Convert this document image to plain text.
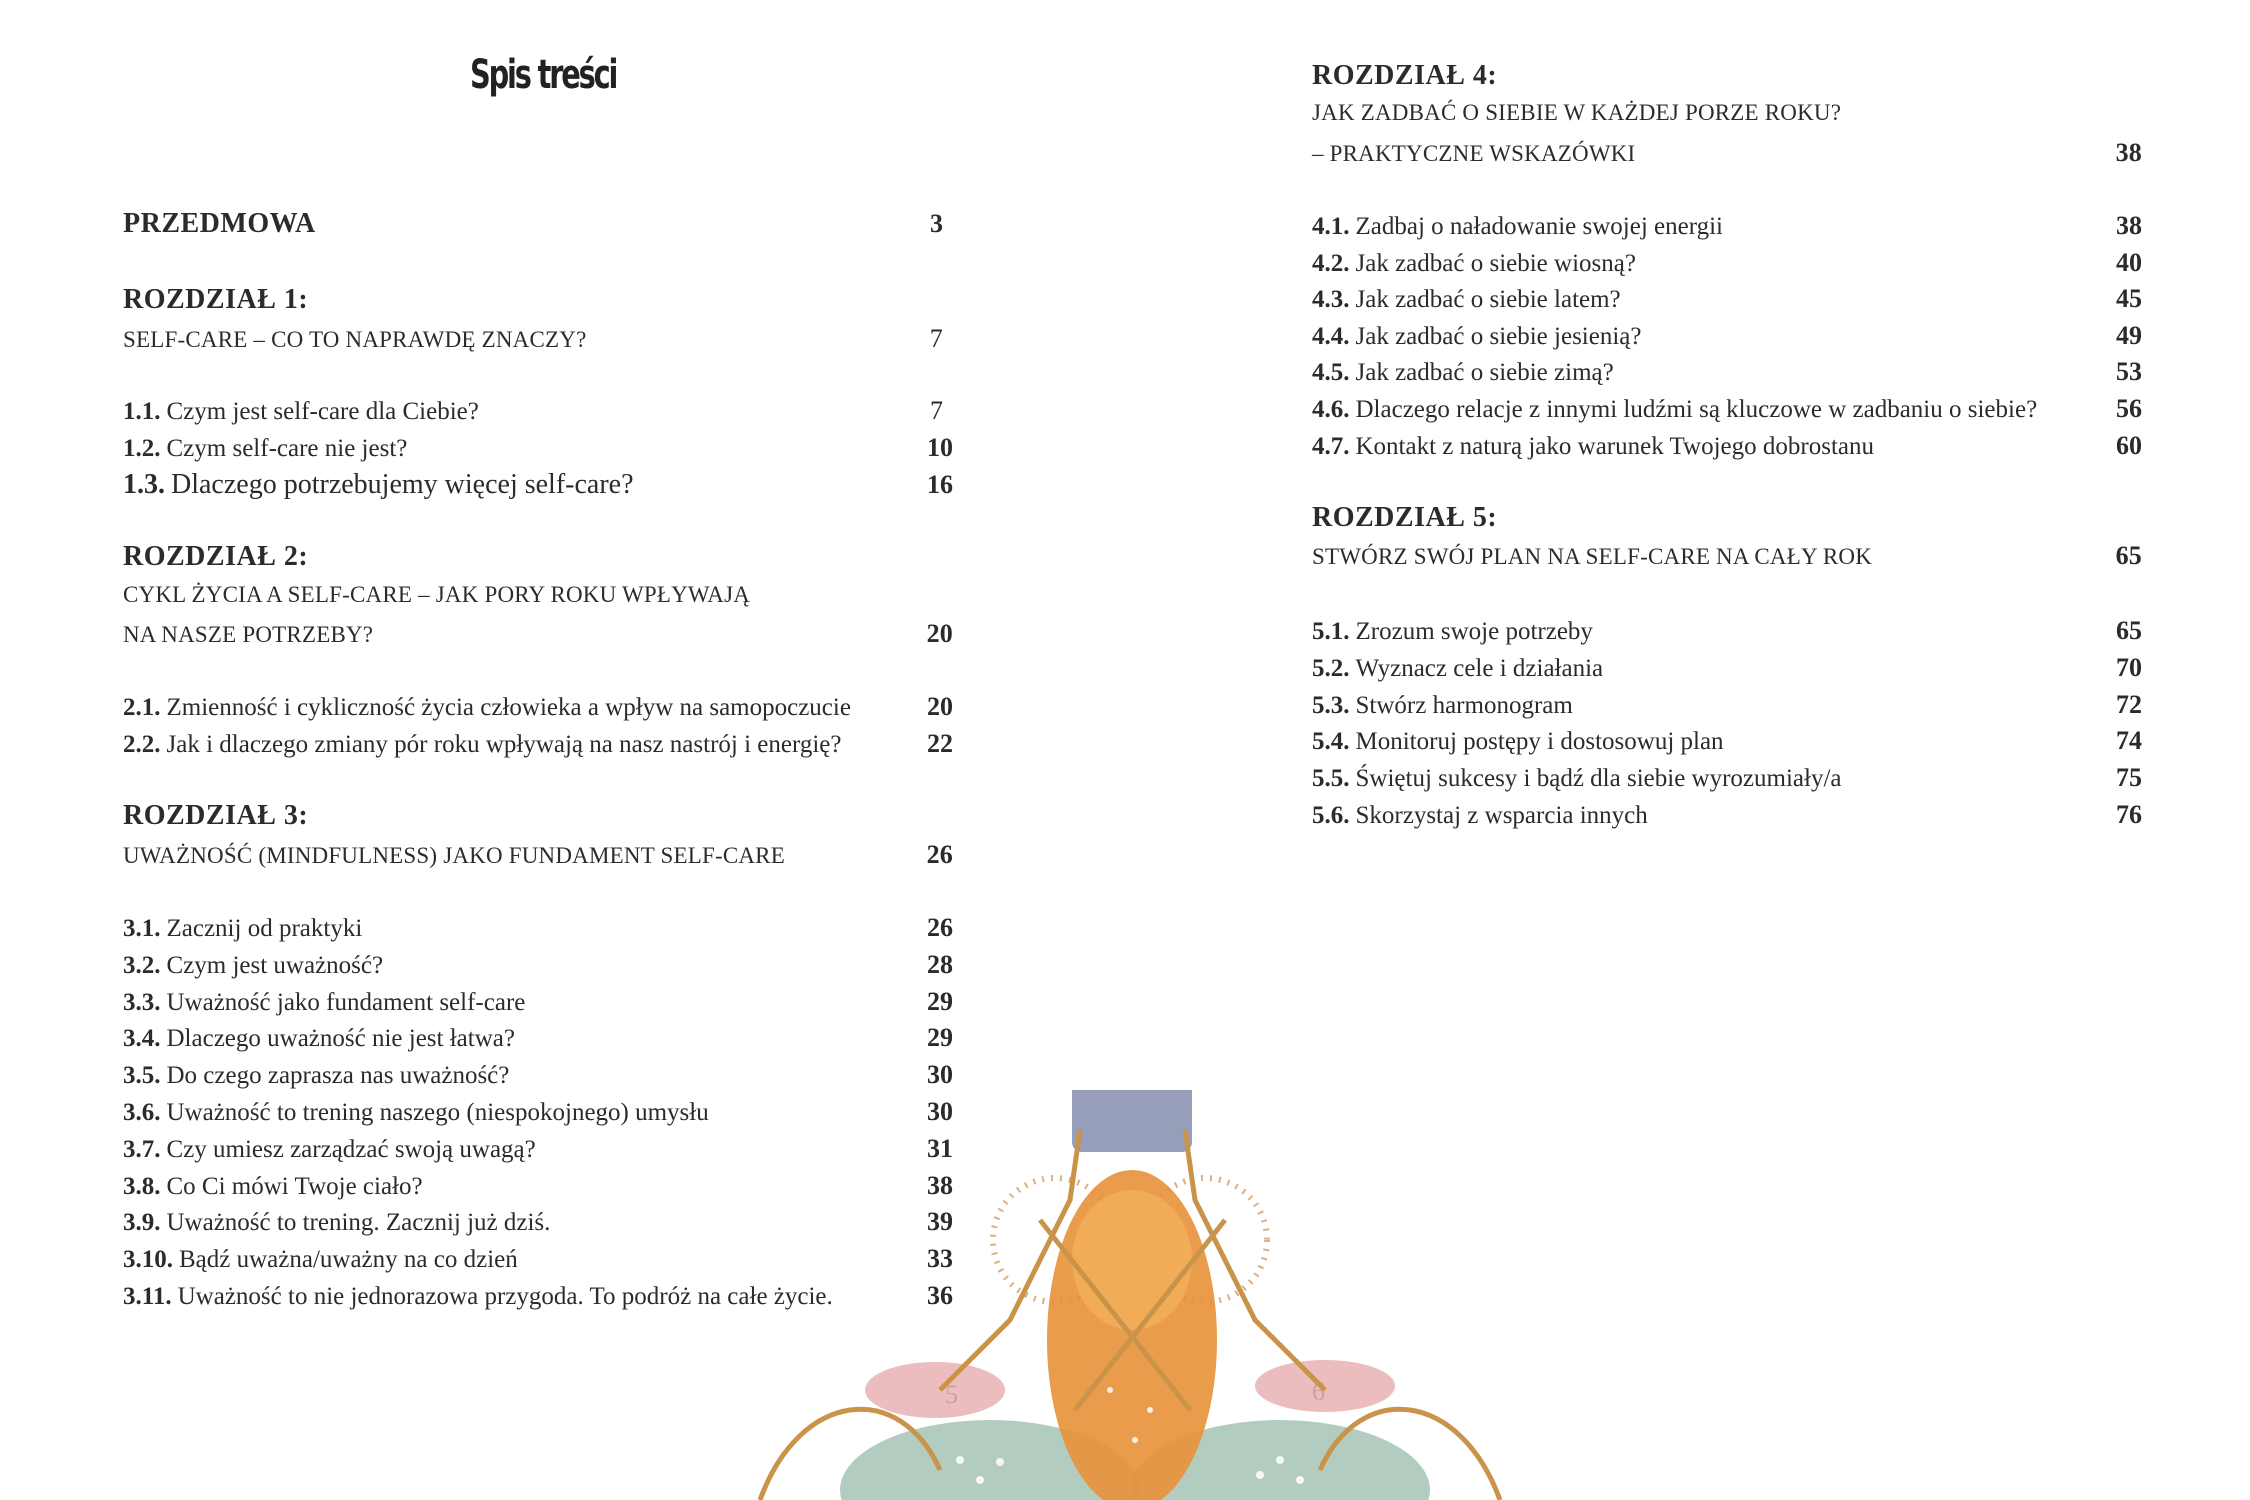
Spis treści
PRZEDMOWA	3
ROZDZIAŁ 1:
SELF-CARE – CO TO NAPRAWDĘ ZNACZY?	7
1.1. Czym jest self-care dla Ciebie?	7
1.2. Czym self-care nie jest?	10
1.3. Dlaczego potrzebujemy więcej self-care?	16
ROZDZIAŁ 2:
CYKL ŻYCIA A SELF-CARE – JAK PORY ROKU WPŁYWAJĄ
NA NASZE POTRZEBY?	20
2.1. Zmienność i cykliczność życia człowieka a wpływ na samopoczucie	20
2.2. Jak i dlaczego zmiany pór roku wpływają na nasz nastrój i energię?	22
ROZDZIAŁ 3:
UWAŻNOŚĆ (MINDFULNESS) JAKO FUNDAMENT SELF-CARE	26
3.1. Zacznij od praktyki	26
3.2. Czym jest uważność?	28
3.3. Uważność jako fundament self-care	29
3.4. Dlaczego uważność nie jest łatwa?	29
3.5. Do czego zaprasza nas uważność?	30
3.6. Uważność to trening naszego (niespokojnego) umysłu	30
3.7. Czy umiesz zarządzać swoją uwagą?	31
3.8. Co Ci mówi Twoje ciało?	38
3.9. Uważność to trening. Zacznij już dziś.	39
3.10. Bądź uważna/uważny na co dzień	33
3.11. Uważność to nie jednorazowa przygoda. To podróż na całe życie.	36
ROZDZIAŁ 4:
JAK ZADBAĆ O SIEBIE W KAŻDEJ PORZE ROKU?
– PRAKTYCZNE WSKAZÓWKI	38
4.1. Zadbaj o naładowanie swojej energii	38
4.2. Jak zadbać o siebie wiosną?	40
4.3. Jak zadbać o siebie latem?	45
4.4. Jak zadbać o siebie jesienią?	49
4.5. Jak zadbać o siebie zimą?	53
4.6. Dlaczego relacje z innymi ludźmi są kluczowe w zadbaniu o siebie?	56
4.7. Kontakt z naturą jako warunek Twojego dobrostanu	60
ROZDZIAŁ 5:
STWÓRZ SWÓJ PLAN NA SELF-CARE NA CAŁY ROK	65
5.1. Zrozum swoje potrzeby	65
5.2. Wyznacz cele i działania	70
5.3. Stwórz harmonogram	72
5.4. Monitoruj postępy i dostosowuj plan	74
5.5. Świętuj sukcesy i bądź dla siebie wyrozumiały/a	75
5.6. Skorzystaj z wsparcia innych	76
